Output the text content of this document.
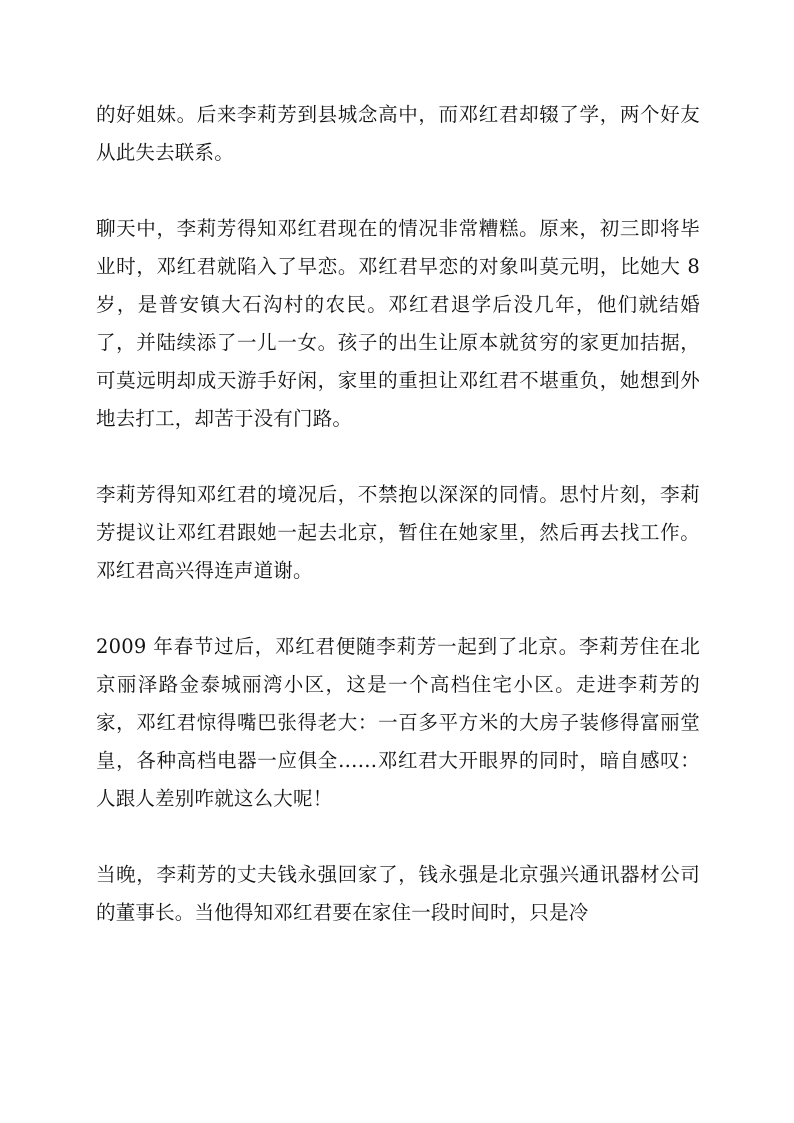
的好姐妹。后来李莉芳到县城念高中，而邓红君却辍了学，两个好友从此失去联系。

聊天中，李莉芳得知邓红君现在的情况非常糟糕。原来，初三即将毕业时，邓红君就陷入了早恋。邓红君早恋的对象叫莫元明，比她大 8 岁，是普安镇大石沟村的农民。邓红君退学后没几年，他们就结婚了，并陆续添了一儿一女。孩子的出生让原本就贫穷的家更加拮据，可莫远明却成天游手好闲，家里的重担让邓红君不堪重负，她想到外地去打工，却苦于没有门路。

李莉芳得知邓红君的境况后，不禁抱以深深的同情。思忖片刻，李莉芳提议让邓红君跟她一起去北京，暂住在她家里，然后再去找工作。邓红君高兴得连声道谢。

2009 年春节过后，邓红君便随李莉芳一起到了北京。李莉芳住在北京丽泽路金泰城丽湾小区，这是一个高档住宅小区。走进李莉芳的家，邓红君惊得嘴巴张得老大：一百多平方米的大房子装修得富丽堂皇，各种高档电器一应俱全……邓红君大开眼界的同时，暗自感叹：人跟人差别咋就这么大呢！

当晚，李莉芳的丈夫钱永强回家了，钱永强是北京强兴通讯器材公司的董事长。当他得知邓红君要在家住一段时间时，只是冷
